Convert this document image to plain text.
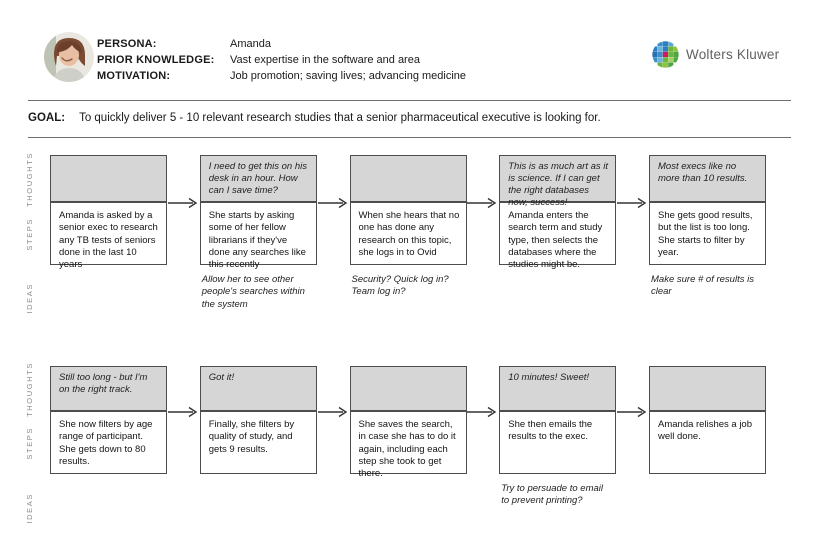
PERSONA:	Amanda
PRIOR KNOWLEDGE: Vast expertise in the software and area
MOTIVATION:	Job promotion; saving lives; advancing medicine
Wolters Kluwer
GOAL: To quickly deliver 5 - 10 relevant research studies that a senior pharmaceutical executive is looking for.
THOUGHTS
STEPS
IDEAS
Amanda is asked by a senior exec to research any TB tests of seniors done in the last 10 years
I need to get this on his desk in an hour. How can I save time?
She starts by asking some of her fellow librarians if they've done any searches like this recently
Allow her to see other people's searches within the system
When she hears that no one has done any research on this topic, she logs in to Ovid
Security? Quick log in? Team log in?
This is as much art as it is science. If I can get the right databases now, success!
Amanda enters the search term and study type, then selects the databases where the studies might be.
Most execs like no more than 10 results.
She gets good results, but the list is too long. She starts to filter by year.
Make sure # of results is clear
THOUGHTS
STEPS
IDEAS
Still too long - but I'm on the right track.
She now filters by age range of participant. She gets down to 80 results.
Got it!
Finally, she filters by quality of study, and gets 9 results.
She saves the search, in case she has to do it again, including each step she took to get there.
10 minutes! Sweet!
She then emails the results to the exec.
Try to persuade to email to prevent printing?
Amanda relishes a job well done.
